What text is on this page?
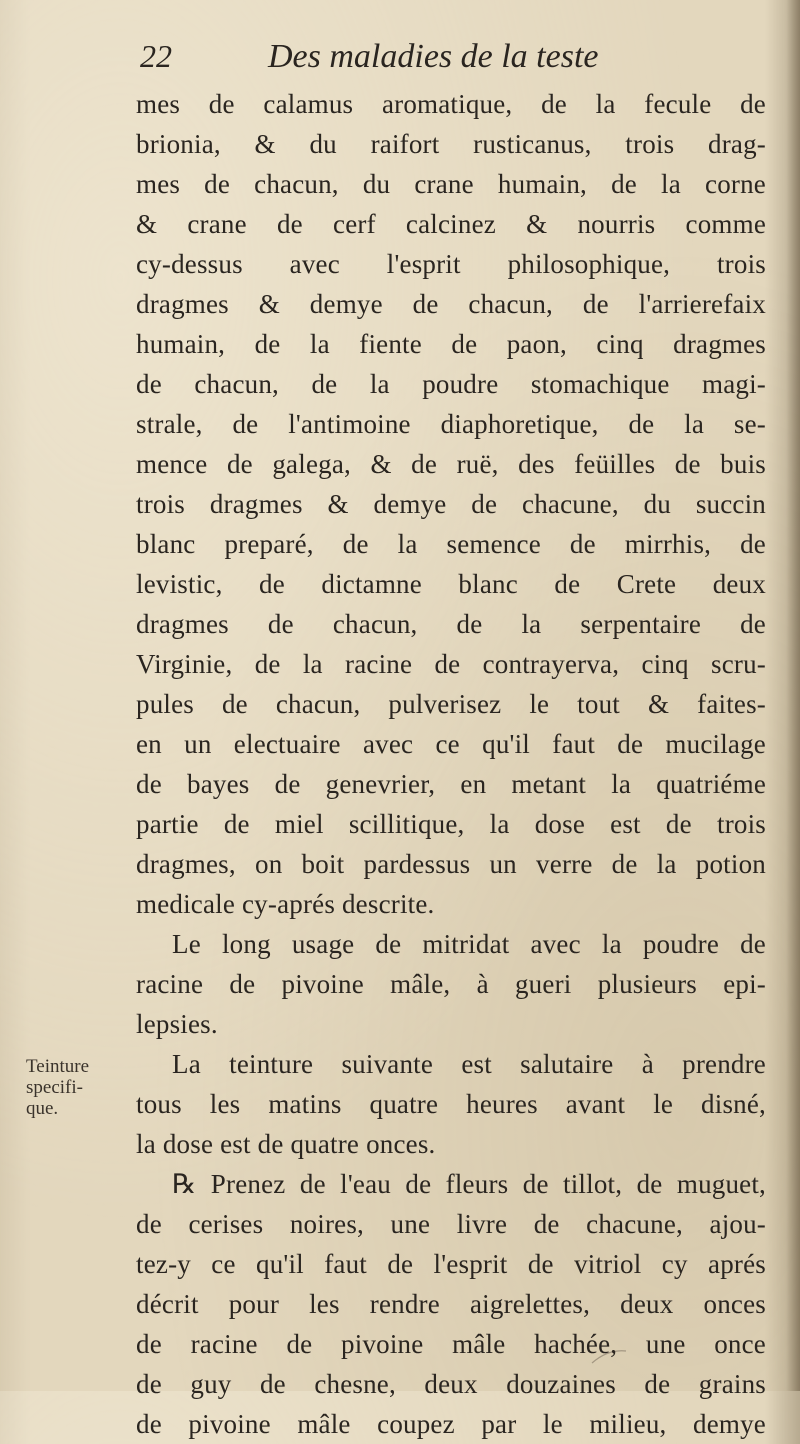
22	Des maladies de la teste

mes de calamus aromatique, de la fecule de
brionia, & du raifort rusticanus, trois drag-
mes de chacun, du crane humain, de la corne
& crane de cerf calcinez & nourris comme
cy-dessus avec l'esprit philosophique, trois
dragmes & demye de chacun, de l'arrierefaix
humain, de la fiente de paon, cinq dragmes
de chacun, de la poudre stomachique magi-
strale, de l'antimoine diaphoretique, de la se-
mence de galega, & de ruë, des feüilles de buis
trois dragmes & demye de chacune, du succin
blanc preparé, de la semence de mirrhis, de
levistic, de dictamne blanc de Crete deux
dragmes de chacun, de la serpentaire de
Virginie, de la racine de contrayerva, cinq scru-
pules de chacun, pulverisez le tout & faites-
en un electuaire avec ce qu'il faut de mucilage
de bayes de genevrier, en metant la quatriéme
partie de miel scillitique, la dose est de trois
dragmes, on boit pardessus un verre de la potion
medicale cy-aprés descrite.
Le long usage de mitridat avec la poudre de
racine de pivoine mâle, à gueri plusieurs epi-
lepsies.
La teinture suivante est salutaire à prendre
tous les matins quatre heures avant le disné,
la dose est de quatre onces.
℞ Prenez de l'eau de fleurs de tillot, de muguet,
de cerises noires, une livre de chacune, ajou-
tez-y ce qu'il faut de l'esprit de vitriol cy aprés
décrit pour les rendre aigrelettes, deux onces
de racine de pivoine mâle hachée, une once
de guy de chesne, deux douzaines de grains
de pivoine mâle coupez par le milieu, demye
Teinture
specifi-
que.
